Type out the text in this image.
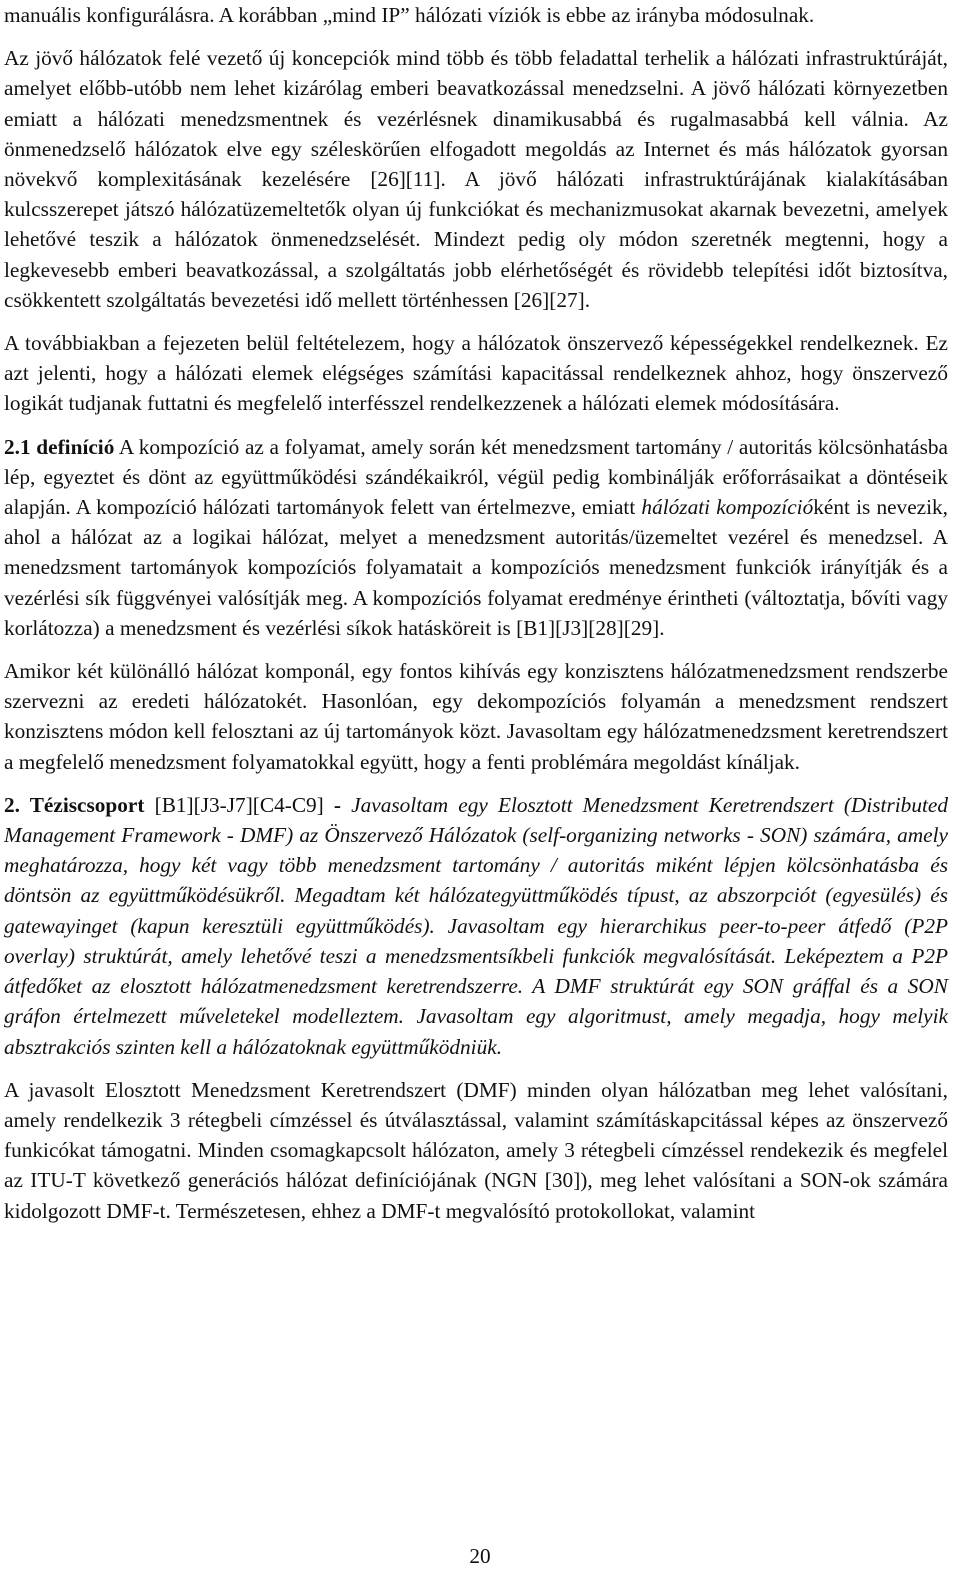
manuális konfigurálásra. A korábban „mind IP” hálózati víziók is ebbe az irányba módosulnak.

Az jövő hálózatok felé vezető új koncepciók mind több és több feladattal terhelik a hálózati infrastruktúráját, amelyet előbb-utóbb nem lehet kizárólag emberi beavatkozással menedzselni. A jövő hálózati környezetben emiatt a hálózati menedzsmentnek és vezérlésnek dinamikusabbá és rugalmasabbá kell válnia. Az önmenedzselő hálózatok elve egy széleskörűen elfogadott megoldás az Internet és más hálózatok gyorsan növekvő komplexitásának kezelésére [26][11]. A jövő hálózati infrastruktúrájának kialakításában kulcsszerepet játszó hálózatüzemeltetők olyan új funkciókat és mechanizmusokat akarnak bevezetni, amelyek lehetővé teszik a hálózatok önmenedzselését. Mindezt pedig oly módon szeretnék megtenni, hogy a legkevesebb emberi beavatkozással, a szolgáltatás jobb elérhetőségét és rövidebb telepítési időt biztosítva, csökkentett szolgáltatás bevezetési idő mellett történhessen [26][27].

A továbbiakban a fejezeten belül feltételezem, hogy a hálózatok önszervező képességekkel rendelkeznek. Ez azt jelenti, hogy a hálózati elemek elégséges számítási kapacitással rendelkeznek ahhoz, hogy önszervező logikát tudjanak futtatni és megfelelő interfésszel rendelkezzenek a hálózati elemek módosítására.

2.1 definíció A kompozíció az a folyamat, amely során két menedzsment tartomány / autoritás kölcsönhatásba lép, egyeztet és dönt az együttműködési szándékaikról, végül pedig kombinálják erőforrásaikat a döntéseik alapján. A kompozíció hálózati tartományok felett van értelmezve, emiatt hálózati kompozícióként is nevezik, ahol a hálózat az a logikai hálózat, melyet a menedzsment autoritás/üzemeltet vezérel és menedzsel. A menedzsment tartományok kompozíciós folyamatait a kompozíciós menedzsment funkciók irányítják és a vezérlési sík függvényei valósítják meg. A kompozíciós folyamat eredménye érintheti (változtatja, bővíti vagy korlátozza) a menedzsment és vezérlési síkok hatásköreit is [B1][J3][28][29].

Amikor két különálló hálózat komponál, egy fontos kihívás egy konzisztens hálózatmenedzsment rendszerbe szervezni az eredeti hálózatokét. Hasonlóan, egy dekompozíciós folyamán a menedzsment rendszert konzisztens módon kell felosztani az új tartományok közt. Javasoltam egy hálózatmenedzsment keretrendszert a megfelelő menedzsment folyamatokkal együtt, hogy a fenti problémára megoldást kínáljak.

2. Téziscsoport [B1][J3-J7][C4-C9] - Javasoltam egy Elosztott Menedzsment Keretrendszert (Distributed Management Framework - DMF) az Önszervező Hálózatok (self-organizing networks - SON) számára, amely meghatározza, hogy két vagy több menedzsment tartomány / autoritás miként lépjen kölcsönhatásba és döntsön az együttműködésükről. Megadtam két hálózategyüttműködés típust, az abszorpciót (egyesülés) és gatewayinget (kapun keresztüli együttműködés). Javasoltam egy hierarchikus peer-to-peer átfedő (P2P overlay) struktúrát, amely lehetővé teszi a menedzsmentsíkbeli funkciók megvalósítását. Leképeztem a P2P átfedőket az elosztott hálózatmenedzsment keretrendszerre. A DMF struktúrát egy SON gráffal és a SON gráfon értelmezett műveletekel modelleztem. Javasoltam egy algoritmust, amely megadja, hogy melyik absztrakciós szinten kell a hálózatoknak együttműködniük.

A javasolt Elosztott Menedzsment Keretrendszert (DMF) minden olyan hálózatban meg lehet valósítani, amely rendelkezik 3 rétegbeli címzéssel és útválasztással, valamint számításkapcitással képes az önszervező funkicókat támogatni. Minden csomagkapcsolt hálózaton, amely 3 rétegbeli címzéssel rendekezik és megfelel az ITU-T következő generációs hálózat definíciójának (NGN [30]), meg lehet valósítani a SON-ok számára kidolgozott DMF-t. Természetesen, ehhez a DMF-t megvalósító protokollokat, valamint

20
